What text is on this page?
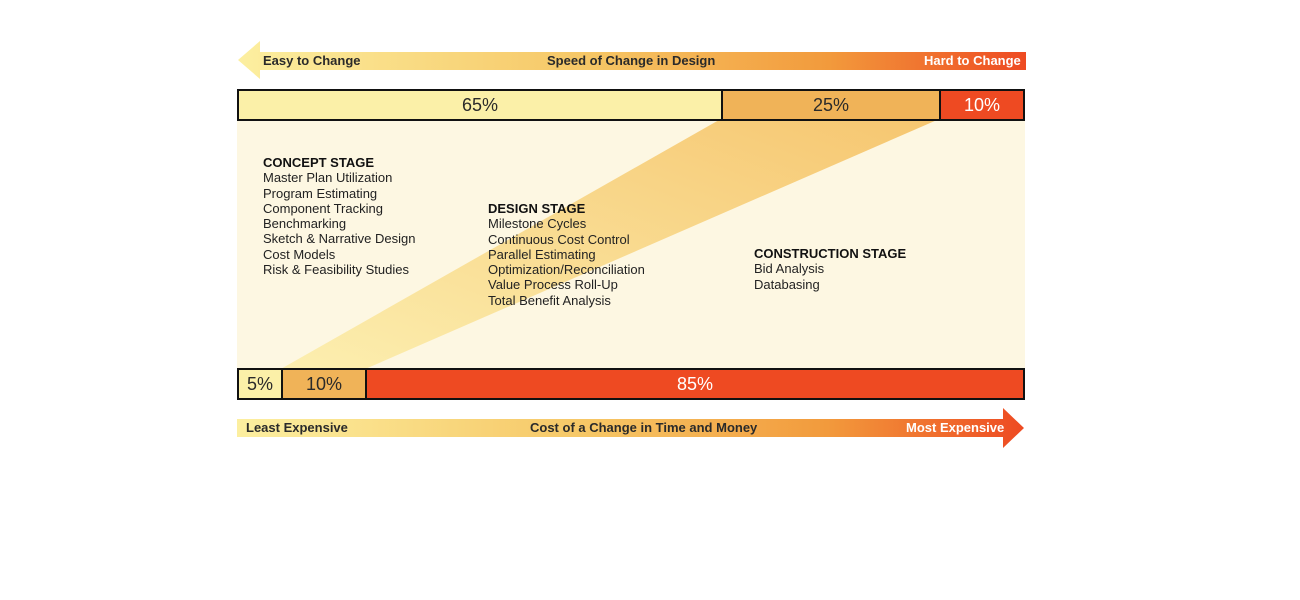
Easy to Change	Speed of Change in Design	Hard to Change
65%	25%	10%
CONCEPT STAGE
Master Plan Utilization
Program Estimating
Component Tracking
Benchmarking
Sketch & Narrative Design
Cost Models
Risk & Feasibility Studies
DESIGN STAGE
Milestone Cycles
Continuous Cost Control
Parallel Estimating
Optimization/Reconciliation
Value Process Roll-Up
Total Benefit Analysis
CONSTRUCTION STAGE
Bid Analysis
Databasing
5% 10%	85%
Least Expensive	Cost of a Change in Time and Money	Most Expensive
